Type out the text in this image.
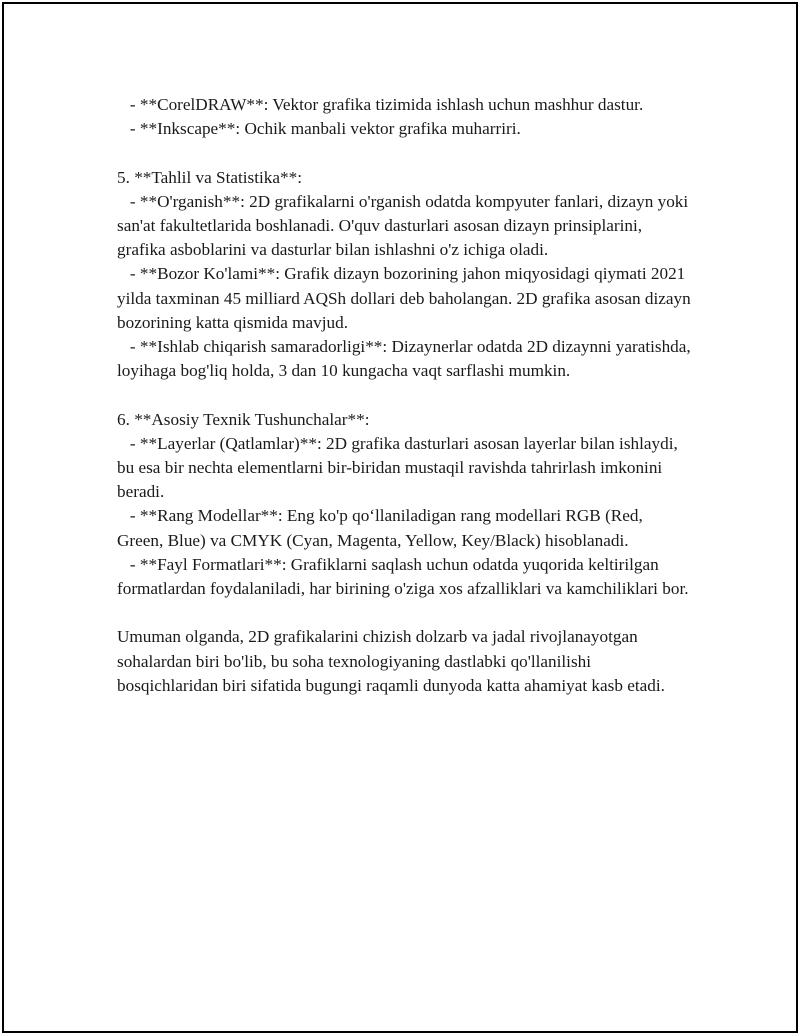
- **CorelDRAW**: Vektor grafika tizimida ishlash uchun mashhur dastur.

- **Inkscape**: Ochik manbali vektor grafika muharriri.

5. **Tahlil va Statistika**:

- **O'rganish**: 2D grafikalarni o'rganish odatda kompyuter fanlari, dizayn yoki san'at fakultetlarida boshlanadi. O'quv dasturlari asosan dizayn prinsiplarini, grafika asboblarini va dasturlar bilan ishlashni o'z ichiga oladi.

- **Bozor Ko'lami**: Grafik dizayn bozorining jahon miqyosidagi qiymati 2021 yilda taxminan 45 milliard AQSh dollari deb baholangan. 2D grafika asosan dizayn bozorining katta qismida mavjud.

- **Ishlab chiqarish samaradorligi**: Dizaynerlar odatda 2D dizaynni yaratishda, loyihaga bog'liq holda, 3 dan 10 kungacha vaqt sarflashi mumkin.

6. **Asosiy Texnik Tushunchalar**:

- **Layerlar (Qatlamlar)**: 2D grafika dasturlari asosan layerlar bilan ishlaydi, bu esa bir nechta elementlarni bir-biridan mustaqil ravishda tahrirlash imkonini beradi.

- **Rang Modellar**: Eng ko'p qo‘llaniladigan rang modellari RGB (Red, Green, Blue) va CMYK (Cyan, Magenta, Yellow, Key/Black) hisoblanadi.

- **Fayl Formatlari**: Grafiklarni saqlash uchun odatda yuqorida keltirilgan formatlardan foydalaniladi, har birining o'ziga xos afzalliklari va kamchiliklari bor.

Umuman olganda, 2D grafikalarini chizish dolzarb va jadal rivojlanayotgan sohalardan biri bo'lib, bu soha texnologiyaning dastlabki qo'llanilishi bosqichlaridan biri sifatida bugungi raqamli dunyoda katta ahamiyat kasb etadi.
